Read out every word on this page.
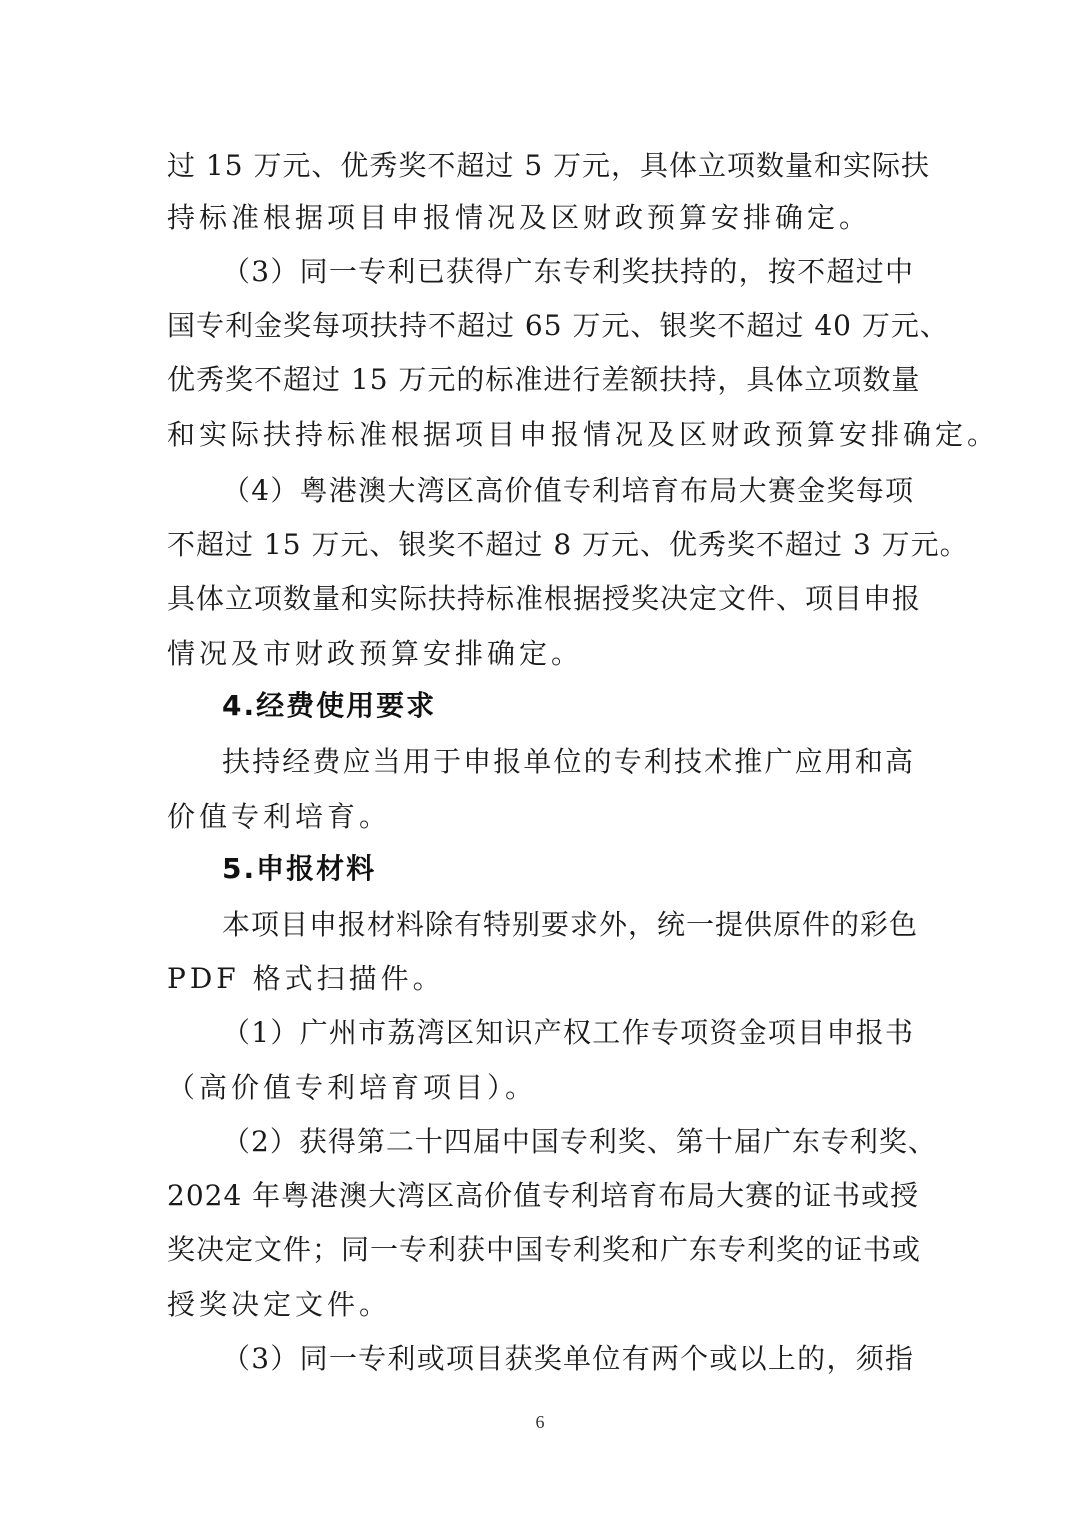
过 15 万元、优秀奖不超过 5 万元，具体立项数量和实际扶
持标准根据项目申报情况及区财政预算安排确定。
（3）同一专利已获得广东专利奖扶持的，按不超过中
国专利金奖每项扶持不超过 65 万元、银奖不超过 40 万元、
优秀奖不超过 15 万元的标准进行差额扶持，具体立项数量
和实际扶持标准根据项目申报情况及区财政预算安排确定。
（4）粤港澳大湾区高价值专利培育布局大赛金奖每项
不超过 15 万元、银奖不超过 8 万元、优秀奖不超过 3 万元。
具体立项数量和实际扶持标准根据授奖决定文件、项目申报
情况及市财政预算安排确定。
4.经费使用要求
扶持经费应当用于申报单位的专利技术推广应用和高
价值专利培育。
5.申报材料
本项目申报材料除有特别要求外，统一提供原件的彩色
PDF 格式扫描件。
（1）广州市荔湾区知识产权工作专项资金项目申报书
（高价值专利培育项目）。
（2）获得第二十四届中国专利奖、第十届广东专利奖、
2024 年粤港澳大湾区高价值专利培育布局大赛的证书或授
奖决定文件；同一专利获中国专利奖和广东专利奖的证书或
授奖决定文件。
（3）同一专利或项目获奖单位有两个或以上的，须指
6
